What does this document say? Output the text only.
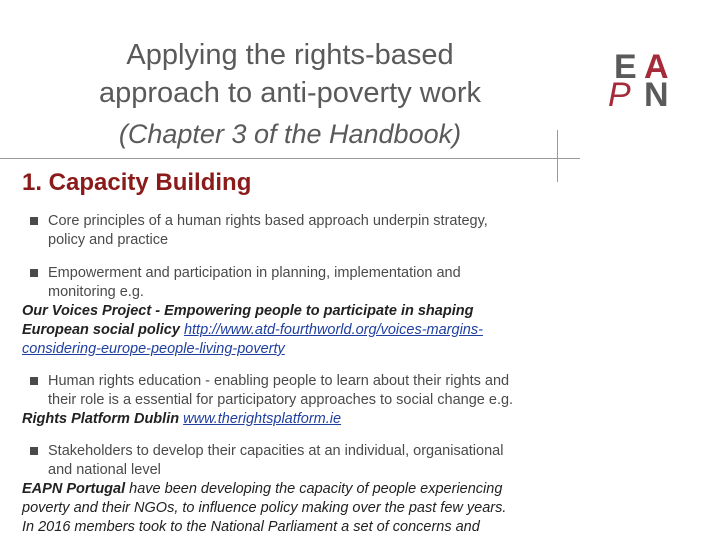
Applying the rights-based
approach to anti-poverty work
(Chapter 3 of the Handbook)
E A
P N
1. Capacity Building
Core principles of a human rights based approach underpin strategy,
policy and practice
Empowerment and participation in planning, implementation and
monitoring e.g.
Our Voices Project - Empowering people to participate in shaping
European social policy http://www.atd-fourthworld.org/voices-margins-
considering-europe-people-living-poverty
Human rights education - enabling people to learn about their rights and
their role is a essential for participatory approaches to social change e.g.
Rights Platform Dublin www.therightsplatform.ie
Stakeholders to develop their capacities at an individual, organisational
and national level
EAPN Portugal have been developing the capacity of people experiencing
poverty and their NGOs, to influence policy making over the past few years.
In 2016 members took to the National Parliament a set of concerns and
